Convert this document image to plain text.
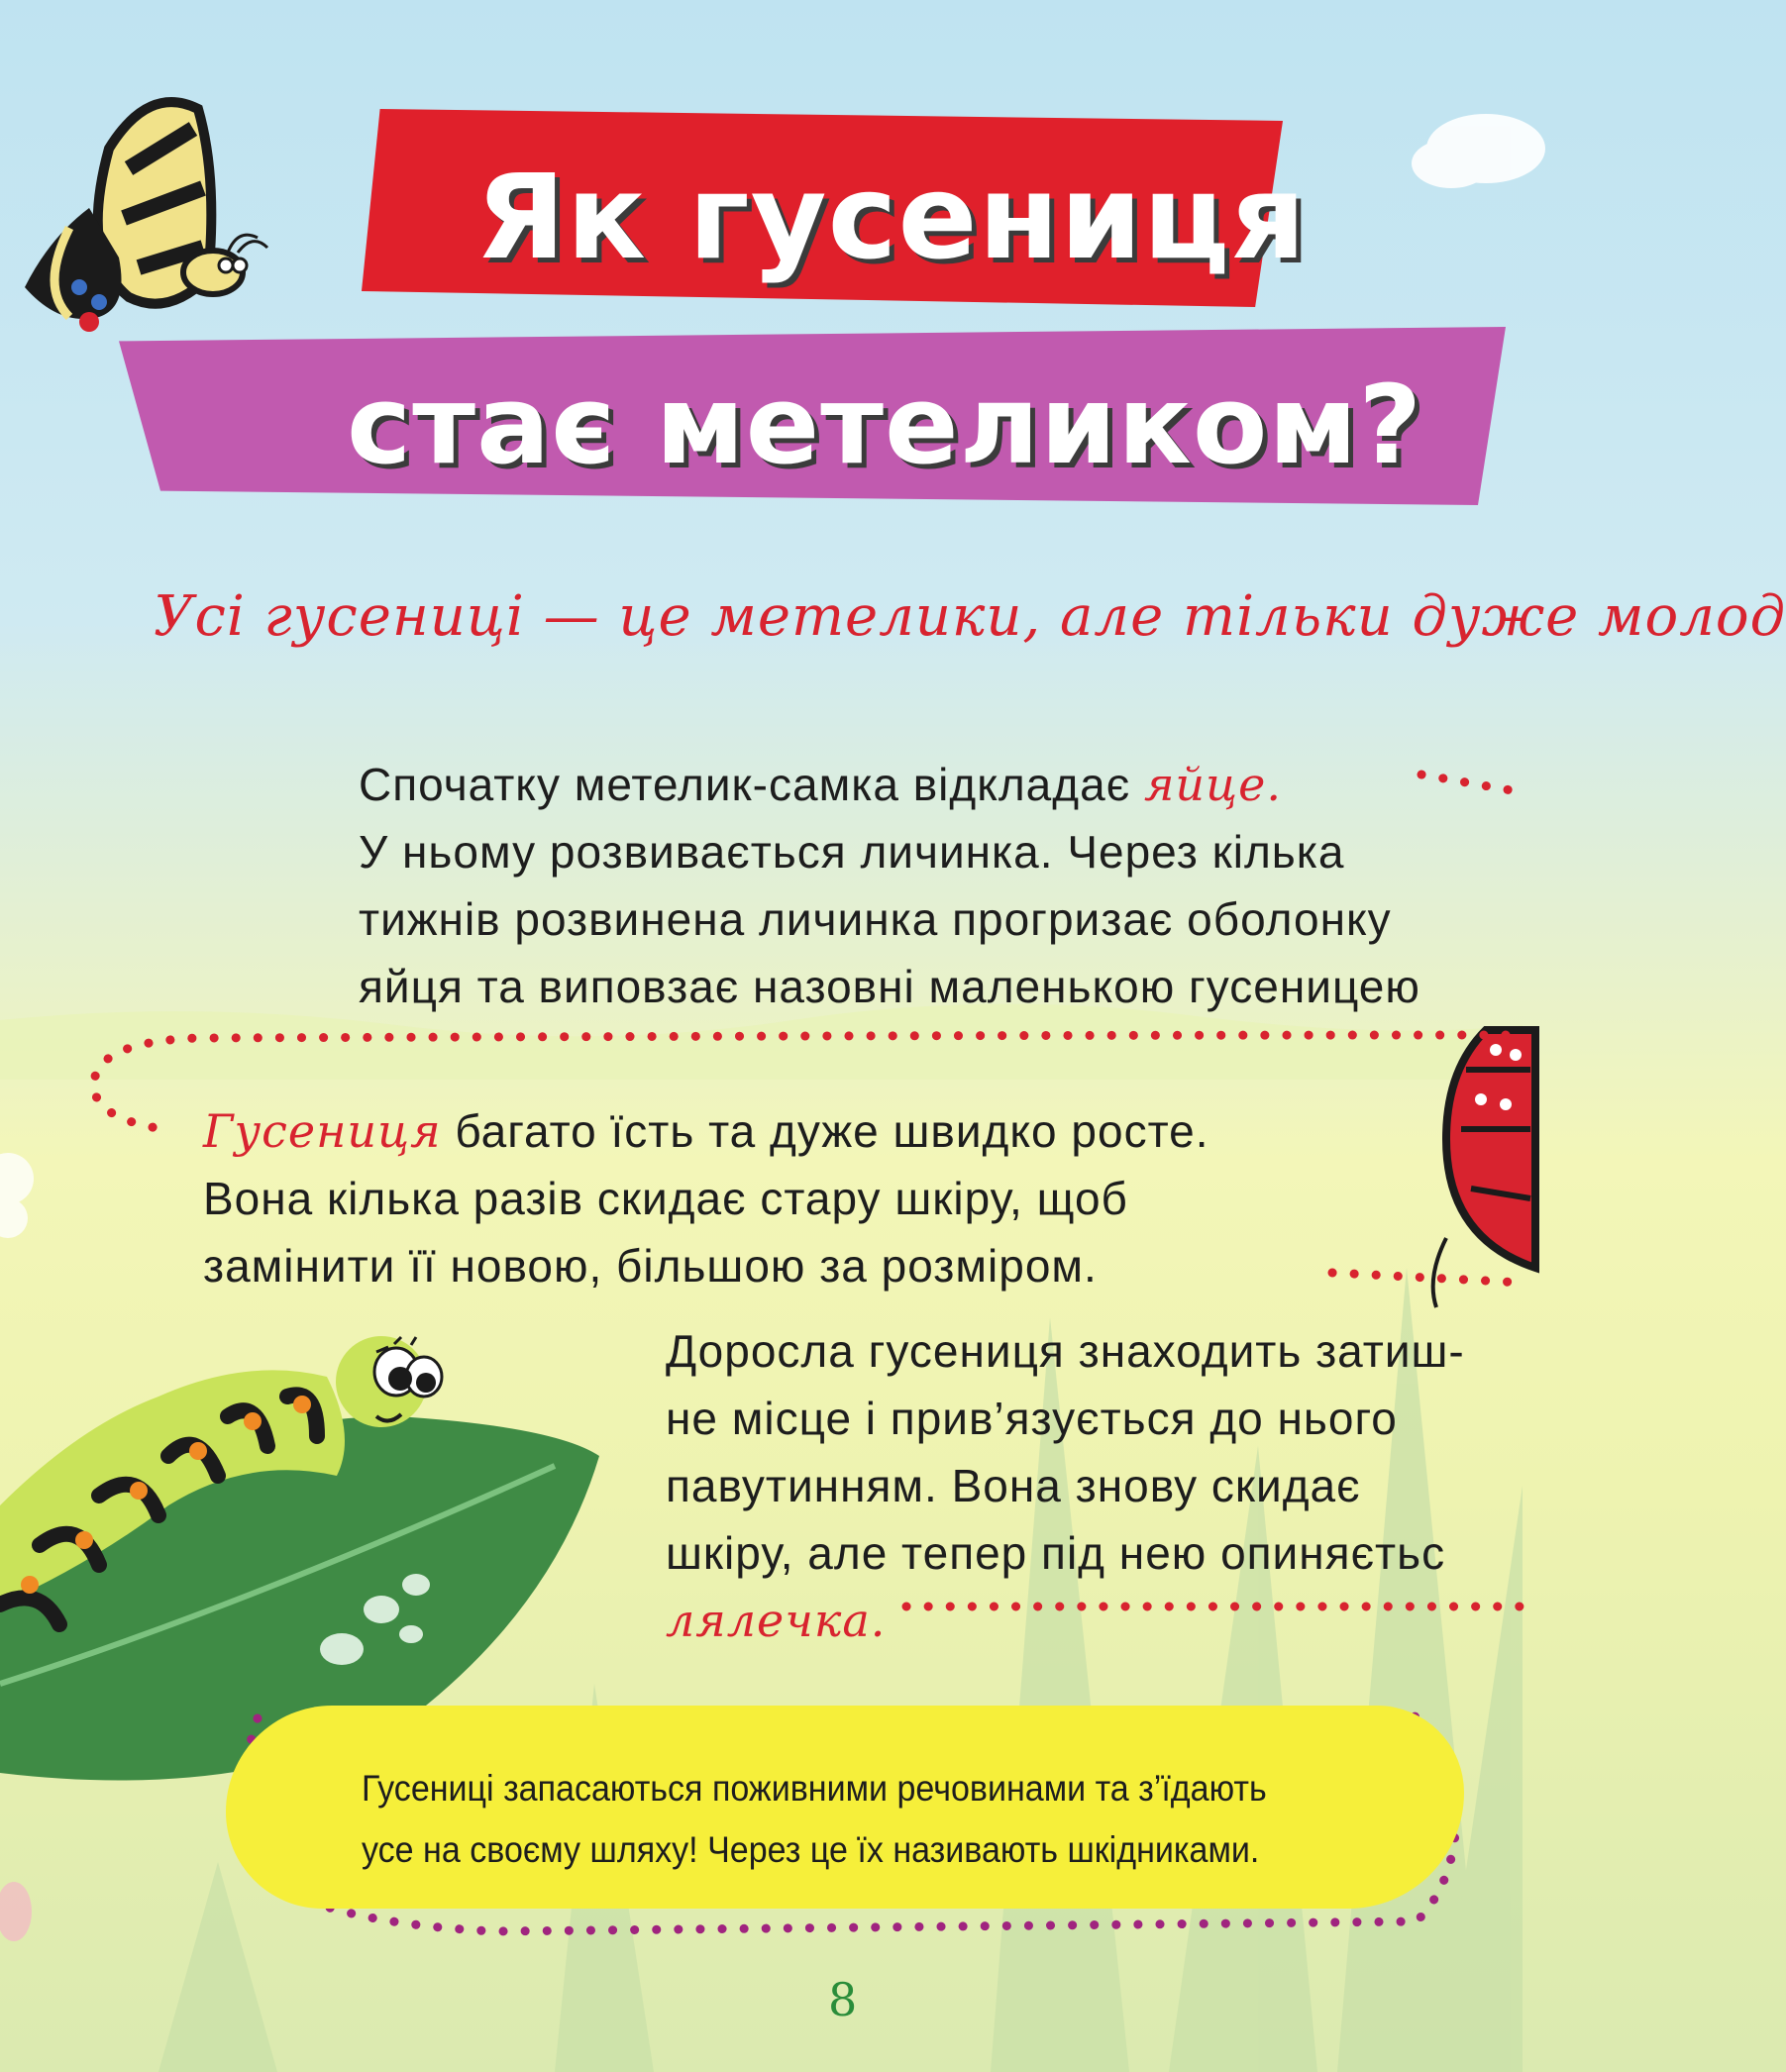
Як гусениця
стає метеликом?
Усі гусениці — це метелики, але тільки дуже молод
Спочатку метелик-самка відкладає яйце.
У ньому розвивається личинка. Через кілька
тижнів розвинена личинка прогризає оболонку
яйця та виповзає назовні маленькою гусеницею
Гусениця багато їсть та дуже швидко росте.
Вона кілька разів скидає стару шкіру, щоб
замінити її новою, більшою за розміром.
Доросла гусениця знаходить затиш-
не місце і прив’язується до нього
павутинням. Вона знову скидає
шкіру, але тепер під нею опиняєтьс
лялечка.
Гусениці запасаються поживними речовинами та з’їдають
усе на своєму шляху! Через це їх називають шкідниками.
8
